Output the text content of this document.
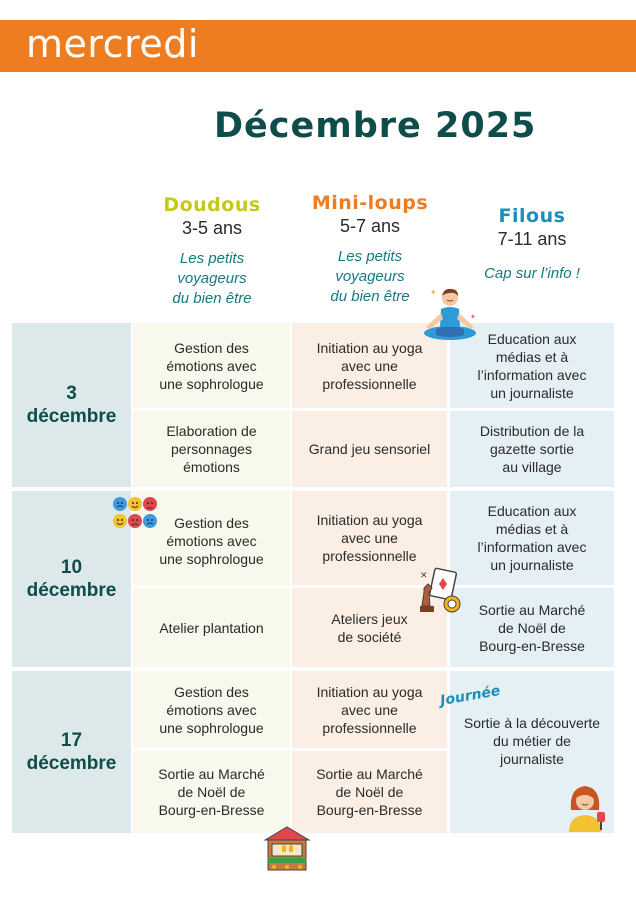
mercredi
Décembre 2025
Doudous
3-5 ans
Les petits
voyageurs
du bien être
Mini-loups
5-7 ans
Les petits
voyageurs
du bien être
Filous
7-11 ans
Cap sur l’info !
3
décembre
10
décembre
17
décembre
Gestion des
émotions avec
une sophrologue
Elaboration de
personnages
émotions
Initiation au yoga
avec une
professionnelle
Grand jeu sensoriel
Education aux
médias et à
l’information avec
un journaliste
Distribution de la
gazette sortie
au village
Gestion des
émotions avec
une sophrologue
Atelier plantation
Initiation au yoga
avec une
professionnelle
Ateliers jeux
de société
Education aux
médias et à
l’information avec
un journaliste
Sortie au Marché
de Noël de
Bourg-en-Bresse
Gestion des
émotions avec
une sophrologue
Sortie au Marché
de Noël de
Bourg-en-Bresse
Initiation au yoga
avec une
professionnelle
Sortie au Marché
de Noël de
Bourg-en-Bresse
Sortie à la découverte
du métier de
journaliste
Journée
✦
✦
✕
